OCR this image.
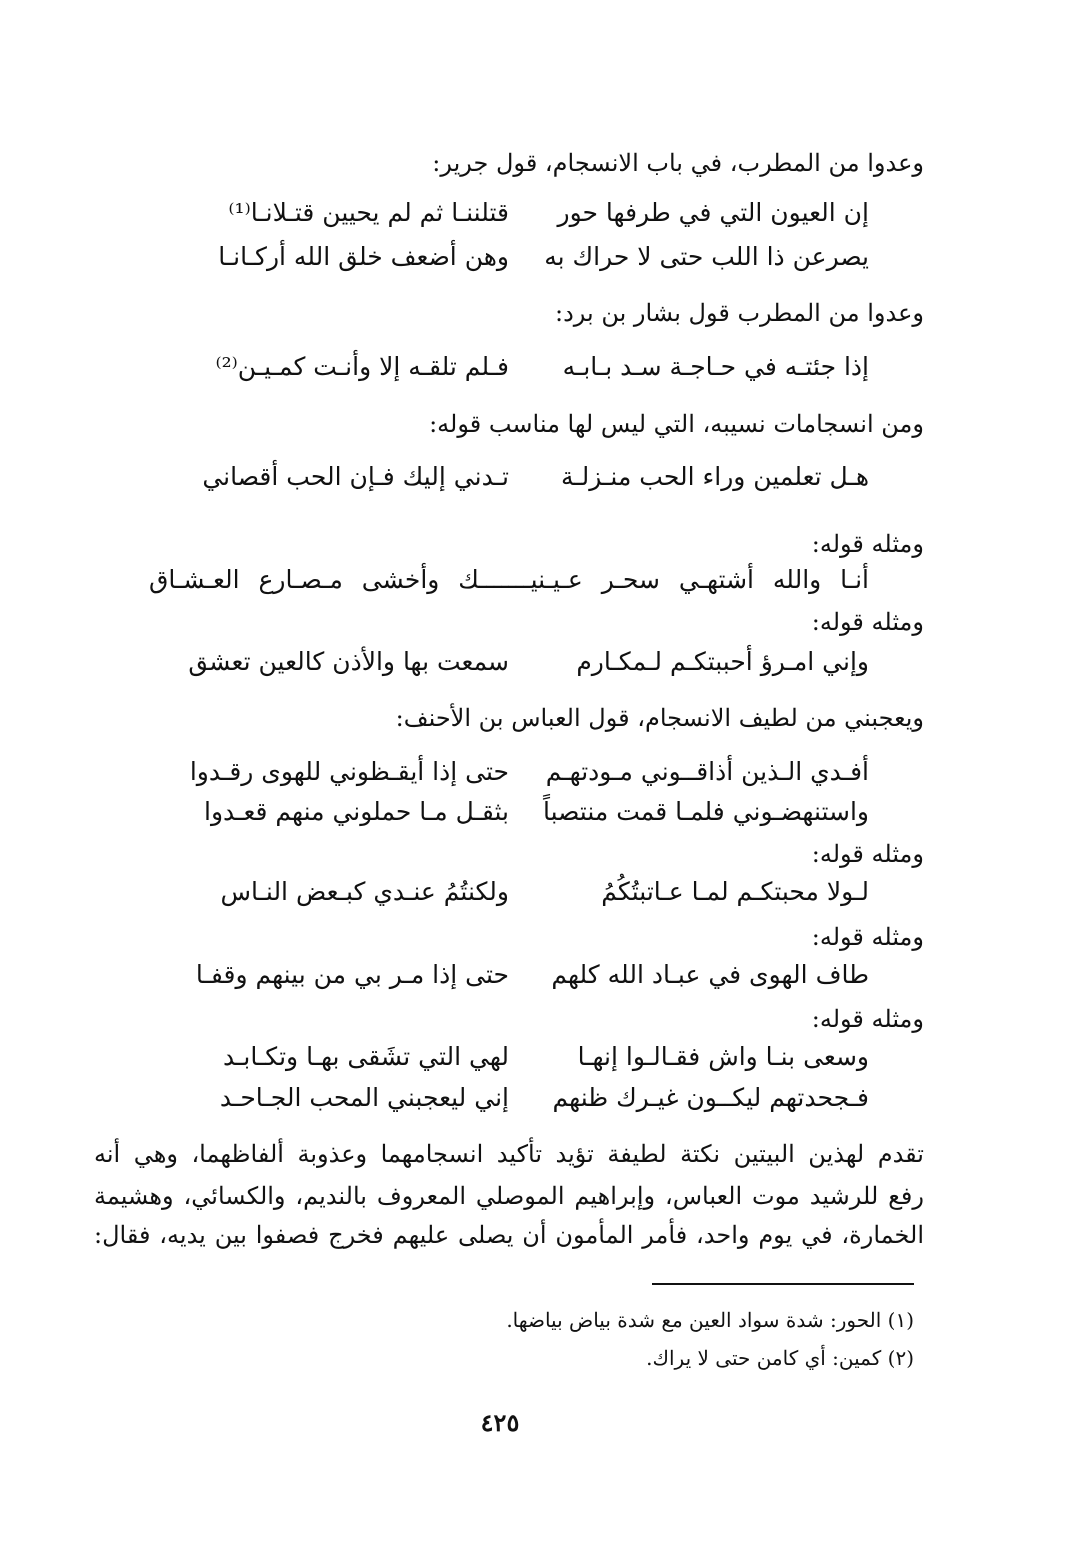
وعدوا من المطرب، في باب الانسجام، قول جرير:
إن العيون التي في طرفها حور
قتلننـا ثم لم يحيين قتـلانـا⁽¹⁾
يصرعن ذا اللب حتى لا حراك به
وهن أضعف خلق الله أركـانـا
وعدوا من المطرب قول بشار بن برد:
إذا جئتـه في حـاجـة سـد بـابـه
فـلم تلقـه إلا وأنـت كمـيـن⁽²⁾
ومن انسجامات نسيبه، التي ليس لها مناسب قوله:
هـل تعلمين وراء الحب منـزلـة
تـدني إليك فـإن الحب أقصاني
ومثله قوله:
أنـا والله أشتهـي سحـر عـيـنيـــــــك وأخشى مـصـارع العـشـاق
ومثله قوله:
وإني امـرؤ أحببتكـم لـمكـارم
سمعت بها والأذن كالعين تعشق
ويعجبني من لطيف الانسجام، قول العباس بن الأحنف:
أفـدي الـذين أذاقــوني مـودتهـم
حتى إذا أيقـظوني للهوى رقـدوا
واستنهضـوني فلمـا قمت منتصباً
بثقـل مـا حملوني منهم قعـدوا
ومثله قوله:
لـولا محبتكـم لمـا عـاتبتُكُمُ
ولكنتُمُ عنـدي كبـعض النـاس
ومثله قوله:
طاف الهوى في عبـاد الله كلهم
حتى إذا مـر بي من بينهم وقفـا
ومثله قوله:
وسعى بنـا واش فقـالـوا إنهـا
لهي التي تشَقى بهـا وتكـابـد
فـجحدتهم ليكــون غيـرك ظنهم
إني ليعجبني المحب الجـاحـد
تقدم لهذين البيتين نكتة لطيفة تؤيد تأكيد انسجامهما وعذوبة ألفاظهما، وهي أنه
رفع للرشيد موت العباس، وإبراهيم الموصلي المعروف بالنديم، والكسائي، وهشيمة
الخمارة، في يوم واحد، فأمر المأمون أن يصلى عليهم فخرج فصفوا بين يديه، فقال:
(١) الحور: شدة سواد العين مع شدة بياض بياضها.
(٢) كمين: أي كامن حتى لا يراك.
٤٢٥
